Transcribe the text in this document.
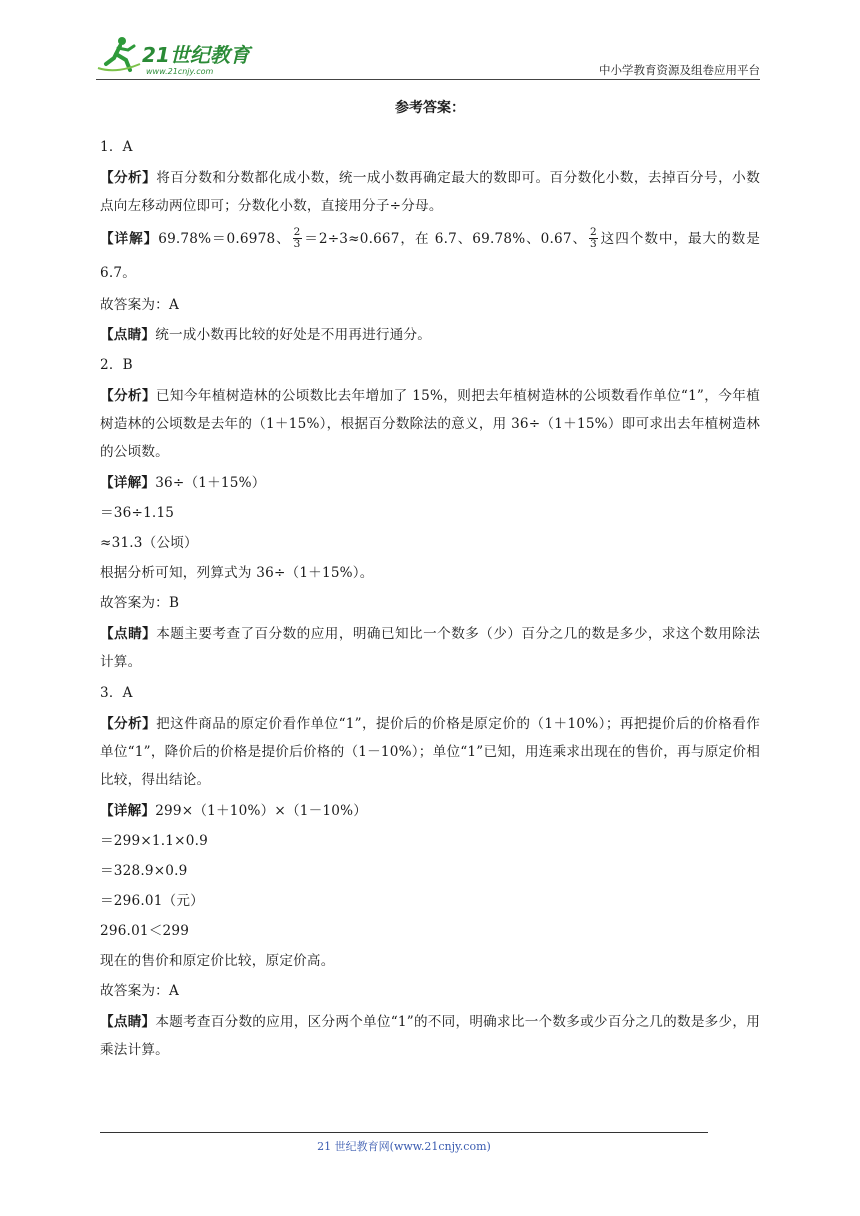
21世纪教育
www.21cnjy.com	中小学教育资源及组卷应用平台

参考答案：

1．A

【分析】将百分数和分数都化成小数，统一成小数再确定最大的数即可。百分数化小数，去掉百分号，小数点向左移动两位即可；分数化小数，直接用分子÷分母。

【详解】69.78%＝0.6978、 $\frac{2}{3} =2\div 3\approx 0.667$，在 6.7、69.78%、0.67、 $\frac{2}{3}$ 这四个数中，最大的数是 6.7。

故答案为：A

【点睛】统一成小数再比较的好处是不用再进行通分。

2．B

【分析】已知今年植树造林的公顷数比去年增加了 15%，则把去年植树造林的公顷数看作单位“1”，今年植树造林的公顷数是去年的（1＋15%），根据百分数除法的意义，用 36÷（1＋15%）即可求出去年植树造林的公顷数。

【详解】36÷（1＋15%）

＝36÷1.15

≈31.3（公顷）

根据分析可知，列算式为 36÷（1＋15%）。

故答案为：B

【点睛】本题主要考查了百分数的应用，明确已知比一个数多（少）百分之几的数是多少，求这个数用除法计算。

3．A

【分析】把这件商品的原定价看作单位“1”，提价后的价格是原定价的（1＋10%）；再把提价后的价格看作单位“1”，降价后的价格是提价后价格的（1－10%）；单位“1”已知，用连乘求出现在的售价，再与原定价相比较，得出结论。

【详解】299×（1＋10%）×（1－10%）

＝299×1.1×0.9

＝328.9×0.9

＝296.01（元）

296.01＜299

现在的售价和原定价比较，原定价高。

故答案为：A

【点睛】本题考查百分数的应用，区分两个单位“1”的不同，明确求比一个数多或少百分之几的数是多少，用乘法计算。

21 世纪教育网(www.21cnjy.com)
